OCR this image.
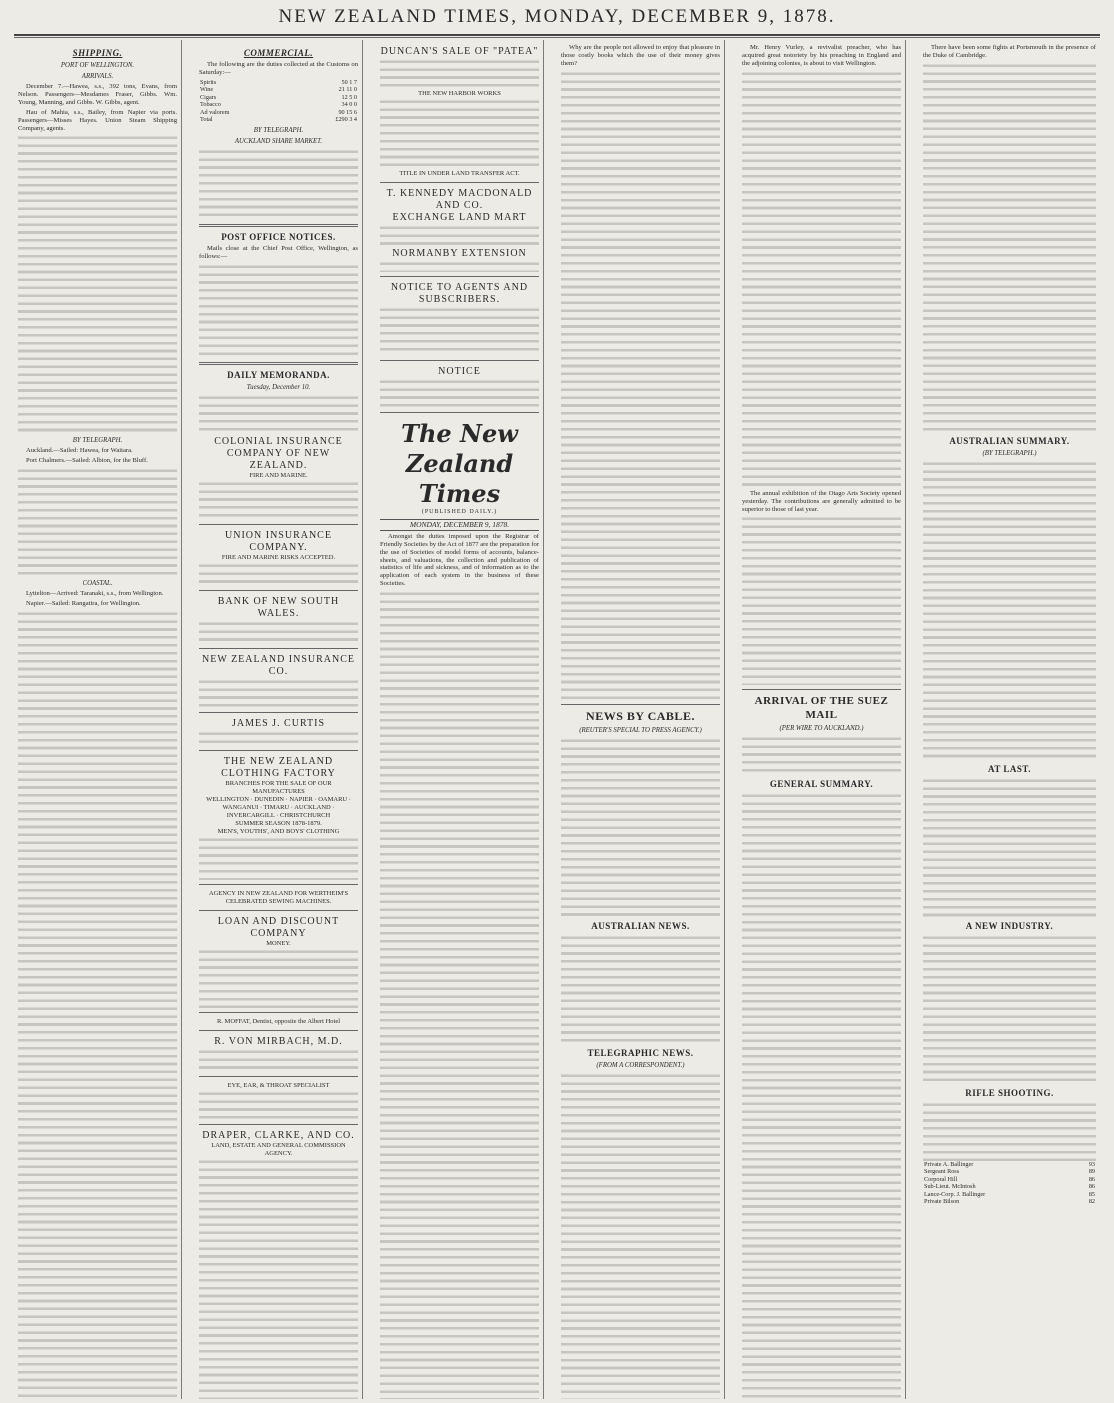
NEW ZEALAND TIMES, MONDAY, DECEMBER 9, 1878.
SHIPPING.
PORT OF WELLINGTON.
ARRIVALS.

December 7.—Hawea, s.s., 392 tons, Evans, from Nelson. Passengers—Mesdames Fraser, Gibbs. Wm. Young, Manning, and Gibbs. W. Gibbs, agent.

Hau of Mahia, s.s., Bailey, from Napier via ports. Passengers—Misses Hayes. Union Steam Shipping Company, agents.

BY TELEGRAPH.

Auckland.—Sailed: Hawea, for Waitara.

Port Chalmers.—Sailed: Albion, for the Bluff.

COASTAL.

Lyttelton—Arrived: Taranaki, s.s., from Wellington.

Napier.—Sailed: Rangatira, for Wellington.

COMMERCIAL.

The following are the duties collected at the Customs on Saturday:—

Spirits	50 1 7
Wine	21 11 0
Cigars	12 5 0
Tobacco	34 0 0
Ad valorem	90 15 6
Total	£290 3 4
BY TELEGRAPH.
AUCKLAND SHARE MARKET.
POST OFFICE NOTICES.

Mails close at the Chief Post Office, Wellington, as follows:—

DAILY MEMORANDA.
Tuesday, December 10.
COLONIAL INSURANCE COMPANY OF NEW ZEALAND.
FIRE AND MARINE.
UNION INSURANCE COMPANY.
FIRE AND MARINE RISKS ACCEPTED.
BANK OF NEW SOUTH WALES.
NEW ZEALAND INSURANCE CO.
JAMES J. CURTIS
THE NEW ZEALAND CLOTHING FACTORY
BRANCHES FOR THE SALE OF OUR MANUFACTURES
WELLINGTON · DUNEDIN · NAPIER · OAMARU · WANGANUI · TIMARU · AUCKLAND · INVERCARGILL · CHRISTCHURCH
SUMMER SEASON 1878-1879.
MEN'S, YOUTHS', AND BOYS' CLOTHING
AGENCY IN NEW ZEALAND FOR WERTHEIM'S CELEBRATED SEWING MACHINES.
LOAN AND DISCOUNT COMPANY
MONEY.
R. MOFFAT, Dentist, opposite the Albert Hotel
R. VON MIRBACH, M.D.
EYE, EAR, & THROAT SPECIALIST
DRAPER, CLARKE, AND CO.
LAND, ESTATE AND GENERAL COMMISSION AGENCY.
DUNCAN'S SALE OF "PATEA"
THE NEW HARBOR WORKS
TITLE IN UNDER LAND TRANSFER ACT.
T. KENNEDY MACDONALD AND CO.
EXCHANGE LAND MART
NORMANBY EXTENSION
NOTICE TO AGENTS AND SUBSCRIBERS.
NOTICE
The New Zealand Times
(PUBLISHED DAILY.)
MONDAY, DECEMBER 9, 1878.

Amongst the duties imposed upon the Registrar of Friendly Societies by the Act of 1877 are the preparation for the use of Societies of model forms of accounts, balance-sheets, and valuations, the collection and publication of statistics of life and sickness, and of information as to the application of each system in the business of these Societies.

Why are the people not allowed to enjoy that pleasure in those costly books which the use of their money gives them?

NEWS BY CABLE.
(REUTER'S SPECIAL TO PRESS AGENCY.)
AUSTRALIAN NEWS.
TELEGRAPHIC NEWS.
(FROM A CORRESPONDENT.)

Mr. Henry Vurley, a revivalist preacher, who has acquired great notoriety by his preaching in England and the adjoining colonies, is about to visit Wellington.

The annual exhibition of the Otago Arts Society opened yesterday. The contributions are generally admitted to be superior to those of last year.

ARRIVAL OF THE SUEZ MAIL
(PER WIRE TO AUCKLAND.)
GENERAL SUMMARY.

There have been some fights at Portsmouth in the presence of the Duke of Cambridge.

AUSTRALIAN SUMMARY.
(BY TELEGRAPH.)
AT LAST.
A NEW INDUSTRY.
RIFLE SHOOTING.
Private A. Ballinger	93
Sergeant Ross	89
Corporal Hill	86
Sub-Lieut. McIntosh	86
Lance-Corp. J. Ballinger	85
Private Bilson	82
